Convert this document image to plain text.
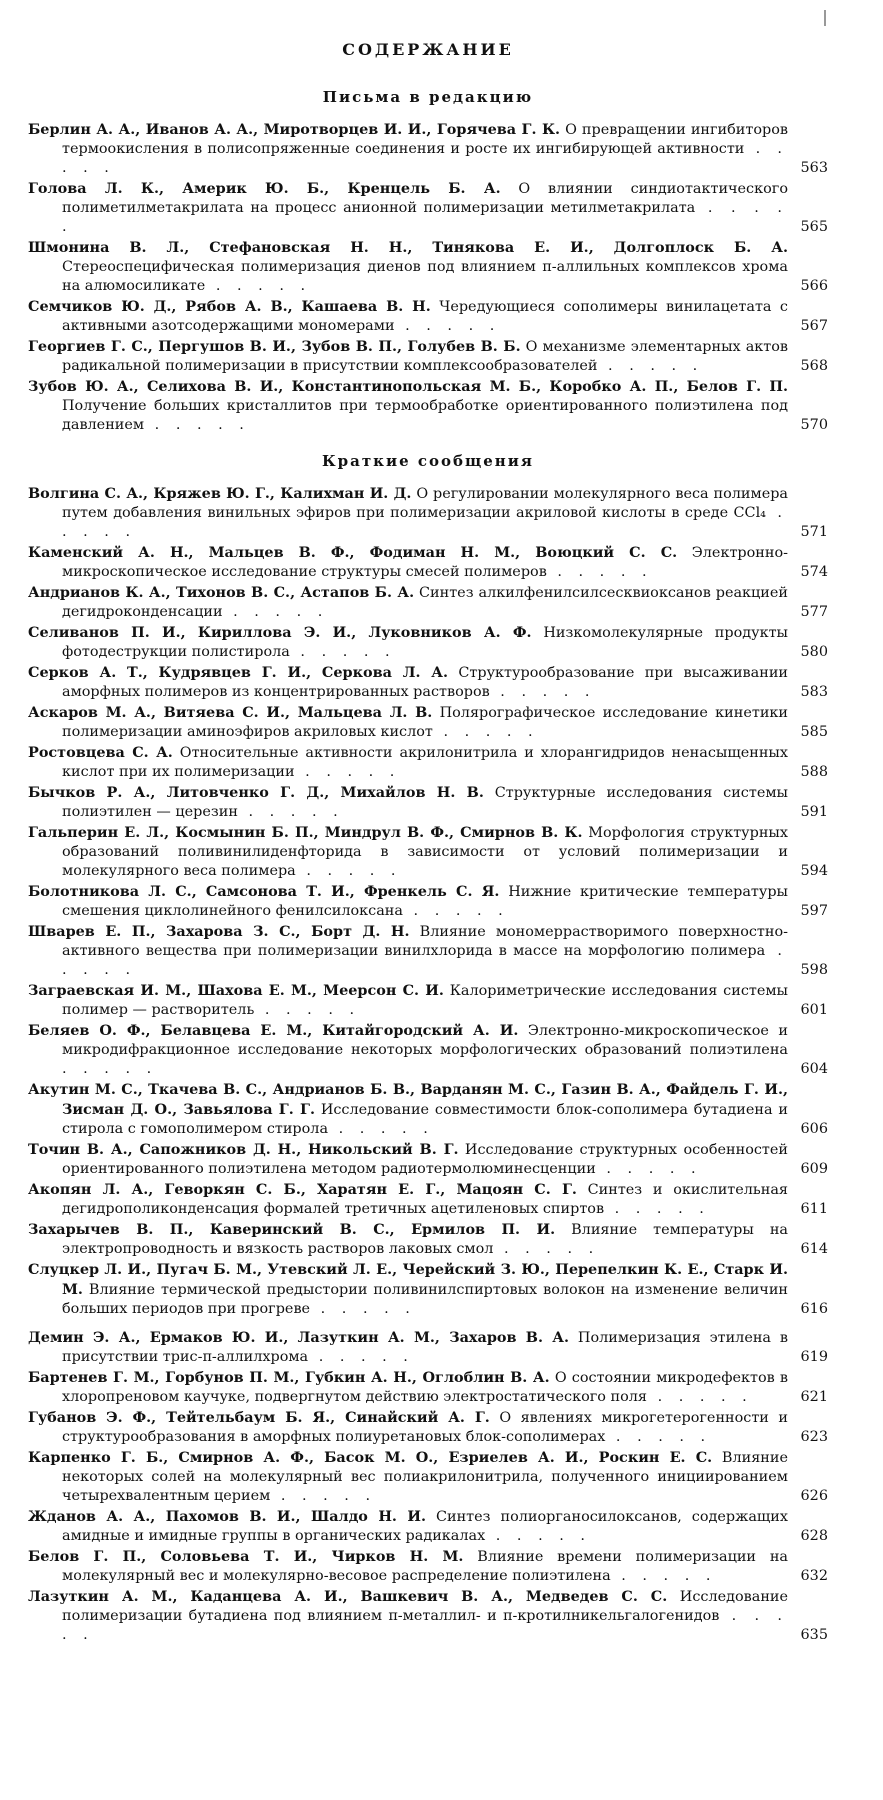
СОДЕРЖАНИЕ
Письма в редакцию
Берлин А. А., Иванов А. А., Миротворцев И. И., Горячева Г. К. О превращении ингибиторов термоокисления в полисопряженные соединения и росте их ингибирующей активности . . . . .	563
Голова Л. К., Америк Ю. Б., Кренцель Б. А. О влиянии синдиотактического полиметилметакрилата на процесс анионной полимеризации метилметакрилата . . . . .	565
Шмонина В. Л., Стефановская Н. Н., Тинякова Е. И., Долгоплоск Б. А. Стереоспецифическая полимеризация диенов под влиянием π-аллильных комплексов хрома на алюмосиликате . . . . .	566
Семчиков Ю. Д., Рябов А. В., Кашаева В. Н. Чередующиеся сополимеры винилацетата с активными азотсодержащими мономерами . . . . .	567
Георгиев Г. С., Пергушов В. И., Зубов В. П., Голубев В. Б. О механизме элементарных актов радикальной полимеризации в присутствии комплексообразователей . . . . .	568
Зубов Ю. А., Селихова В. И., Константинопольская М. Б., Коробко А. П., Белов Г. П. Получение больших кристаллитов при термообработке ориентированного полиэтилена под давлением . . . . .	570
Краткие сообщения
Волгина С. А., Кряжев Ю. Г., Калихман И. Д. О регулировании молекулярного веса полимера путем добавления винильных эфиров при полимеризации акриловой кислоты в среде CCl₄ . . . . .	571
Каменский А. Н., Мальцев В. Ф., Фодиман Н. М., Воюцкий С. С. Электронно-микроскопическое исследование структуры смесей полимеров . . . . .	574
Андрианов К. А., Тихонов В. С., Астапов Б. А. Синтез алкилфенилсилсесквиоксанов реакцией дегидроконденсации . . . . .	577
Селиванов П. И., Кириллова Э. И., Луковников А. Ф. Низкомолекулярные продукты фотодеструкции полистирола . . . . .	580
Серков А. Т., Кудрявцев Г. И., Серкова Л. А. Структурообразование при высаживании аморфных полимеров из концентрированных растворов . . . . .	583
Аскаров М. А., Витяева С. И., Мальцева Л. В. Полярографическое исследование кинетики полимеризации аминоэфиров акриловых кислот . . . . .	585
Ростовцева С. А. Относительные активности акрилонитрила и хлорангидридов ненасыщенных кислот при их полимеризации . . . . .	588
Бычков Р. А., Литовченко Г. Д., Михайлов Н. В. Структурные исследования системы полиэтилен — церезин . . . . .	591
Гальперин Е. Л., Космынин Б. П., Миндрул В. Ф., Смирнов В. К. Морфология структурных образований поливинилиденфторида в зависимости от условий полимеризации и молекулярного веса полимера . . . . .	594
Болотникова Л. С., Самсонова Т. И., Френкель С. Я. Нижние критические температуры смешения циклолинейного фенилсилоксана . . . . .	597
Шварев Е. П., Захарова З. С., Борт Д. Н. Влияние мономеррастворимого поверхностно-активного вещества при полимеризации винилхлорида в массе на морфологию полимера . . . . .	598
Заграевская И. М., Шахова Е. М., Меерсон С. И. Калориметрические исследования системы полимер — растворитель . . . . .	601
Беляев О. Ф., Белавцева Е. М., Китайгородский А. И. Электронно-микроскопическое и микродифракционное исследование некоторых морфологических образований полиэтилена . . . . .	604
Акутин М. С., Ткачева В. С., Андрианов Б. В., Варданян М. С., Газин В. А., Файдель Г. И., Зисман Д. О., Завьялова Г. Г. Исследование совместимости блок-сополимера бутадиена и стирола с гомополимером стирола . . . . .	606
Точин В. А., Сапожников Д. Н., Никольский В. Г. Исследование структурных особенностей ориентированного полиэтилена методом радиотермолюминесценции . . . . .	609
Акопян Л. А., Геворкян С. Б., Харатян Е. Г., Мацоян С. Г. Синтез и окислительная дегидрополиконденсация формалей третичных ацетиленовых спиртов . . . . .	611
Захарычев В. П., Каверинский В. С., Ермилов П. И. Влияние температуры на электропроводность и вязкость растворов лаковых смол . . . . .	614
Слуцкер Л. И., Пугач Б. М., Утевский Л. Е., Черейский З. Ю., Перепелкин К. Е., Старк И. М. Влияние термической предыстории поливинилспиртовых волокон на изменение величин больших периодов при прогреве . . . . .	616
Демин Э. А., Ермаков Ю. И., Лазуткин А. М., Захаров В. А. Полимеризация этилена в присутствии трис-π-аллилхрома . . . . .	619
Бартенев Г. М., Горбунов П. М., Губкин А. Н., Оглоблин В. А. О состоянии микродефектов в хлоропреновом каучуке, подвергнутом действию электростатического поля . . . . .	621
Губанов Э. Ф., Тейтельбаум Б. Я., Синайский А. Г. О явлениях микрогетерогенности и структурообразования в аморфных полиуретановых блок-сополимерах . . . . .	623
Карпенко Г. Б., Смирнов А. Ф., Басок М. О., Езриелев А. И., Роскин Е. С. Влияние некоторых солей на молекулярный вес полиакрилонитрила, полученного инициированием четырехвалентным церием . . . . .	626
Жданов А. А., Пахомов В. И., Шалдо Н. И. Синтез полиорганосилоксанов, содержащих амидные и имидные группы в органических радикалах . . . . .	628
Белов Г. П., Соловьева Т. И., Чирков Н. М. Влияние времени полимеризации на молекулярный вес и молекулярно-весовое распределение полиэтилена . . . . .	632
Лазуткин А. М., Каданцева А. И., Вашкевич В. А., Медведев С. С. Исследование полимеризации бутадиена под влиянием π-металлил- и π-кротилникельгалогенидов . . . . .	635
